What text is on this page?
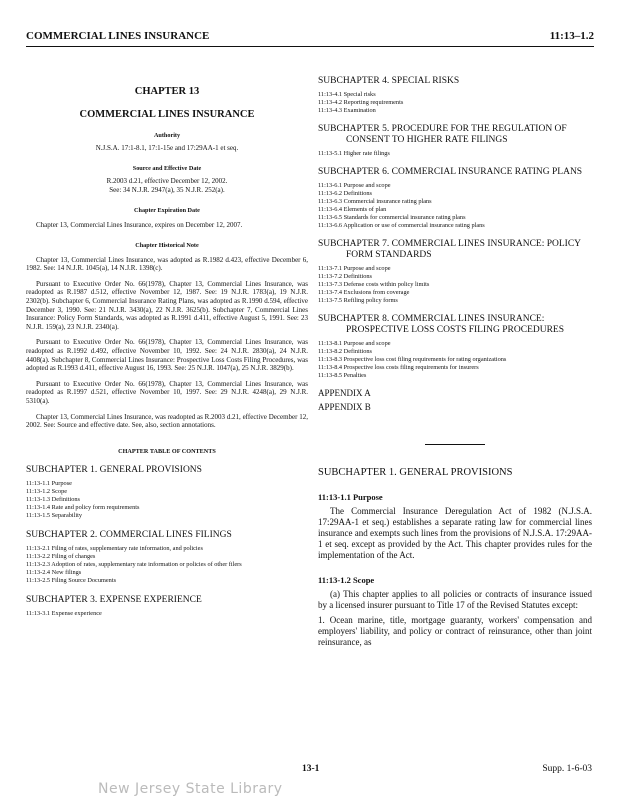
COMMERCIAL LINES INSURANCE	11:13–1.2
CHAPTER 13
COMMERCIAL LINES INSURANCE
Authority
N.J.S.A. 17:1-8.1, 17:1-15e and 17:29AA-1 et seq.
Source and Effective Date
R.2003 d.21, effective December 12, 2002.
See: 34 N.J.R. 2947(a), 35 N.J.R. 252(a).
Chapter Expiration Date
Chapter 13, Commercial Lines Insurance, expires on December 12, 2007.
Chapter Historical Note
Chapter 13, Commercial Lines Insurance, was adopted as R.1982 d.423, effective December 6, 1982. See: 14 N.J.R. 1045(a), 14 N.J.R. 1398(c).
Pursuant to Executive Order No. 66(1978), Chapter 13, Commercial Lines Insurance, was readopted as R.1987 d.512, effective November 12, 1987. See: 19 N.J.R. 1783(a), 19 N.J.R. 2302(b). Subchapter 6, Commercial Insurance Rating Plans, was adopted as R.1990 d.594, effective December 3, 1990. See: 21 N.J.R. 3430(a), 22 N.J.R. 3625(b). Subchapter 7, Commercial Lines Insurance: Policy Form Standards, was adopted as R.1991 d.411, effective August 5, 1991. See: 23 N.J.R. 159(a), 23 N.J.R. 2340(a).
Pursuant to Executive Order No. 66(1978), Chapter 13, Commercial Lines Insurance, was readopted as R.1992 d.492, effective November 10, 1992. See: 24 N.J.R. 2830(a), 24 N.J.R. 4408(a). Subchapter 8, Commercial Lines Insurance: Prospective Loss Costs Filing Procedures, was adopted as R.1993 d.411, effective August 16, 1993. See: 25 N.J.R. 1047(a), 25 N.J.R. 3829(b).
Pursuant to Executive Order No. 66(1978), Chapter 13, Commercial Lines Insurance, was readopted as R.1997 d.521, effective November 10, 1997. See: 29 N.J.R. 4248(a), 29 N.J.R. 5310(a).
Chapter 13, Commercial Lines Insurance, was readopted as R.2003 d.21, effective December 12, 2002. See: Source and effective date. See, also, section annotations.
CHAPTER TABLE OF CONTENTS
SUBCHAPTER 1. GENERAL PROVISIONS
11:13-1.1 Purpose
11:13-1.2 Scope
11:13-1.3 Definitions
11:13-1.4 Rate and policy form requirements
11:13-1.5 Separability
SUBCHAPTER 2. COMMERCIAL LINES FILINGS
11:13-2.1 Filing of rates, supplementary rate information, and policies
11:13-2.2 Filing of changes
11:13-2.3 Adoption of rates, supplementary rate information or policies of other filers
11:13-2.4 New filings
11:13-2.5 Filing Source Documents
SUBCHAPTER 3. EXPENSE EXPERIENCE
11:13-3.1 Expense experience
SUBCHAPTER 4. SPECIAL RISKS
11:13-4.1 Special risks
11:13-4.2 Reporting requirements
11:13-4.3 Examination
SUBCHAPTER 5. PROCEDURE FOR THE REGULATION OF CONSENT TO HIGHER RATE FILINGS
11:13-5.1 Higher rate filings
SUBCHAPTER 6. COMMERCIAL INSURANCE RATING PLANS
11:13-6.1 Purpose and scope
11:13-6.2 Definitions
11:13-6.3 Commercial insurance rating plans
11:13-6.4 Elements of plan
11:13-6.5 Standards for commercial insurance rating plans
11:13-6.6 Application or use of commercial insurance rating plans
SUBCHAPTER 7. COMMERCIAL LINES INSURANCE: POLICY FORM STANDARDS
11:13-7.1 Purpose and scope
11:13-7.2 Definitions
11:13-7.3 Defense costs within policy limits
11:13-7.4 Exclusions from coverage
11:13-7.5 Refiling policy forms
SUBCHAPTER 8. COMMERCIAL LINES INSURANCE: PROSPECTIVE LOSS COSTS FILING PROCEDURES
11:13-8.1 Purpose and scope
11:13-8.2 Definitions
11:13-8.3 Prospective loss cost filing requirements for rating organizations
11:13-8.4 Prospective loss costs filing requirements for insurers
11:13-8.5 Penalties
APPENDIX A
APPENDIX B
SUBCHAPTER 1. GENERAL PROVISIONS
11:13-1.1 Purpose
The Commercial Insurance Deregulation Act of 1982 (N.J.S.A. 17:29AA-1 et seq.) establishes a separate rating law for commercial lines insurance and exempts such lines from the provisions of N.J.S.A. 17:29AA-1 et seq. except as provided by the Act. This chapter provides rules for the implementation of the Act.
11:13-1.2 Scope
(a) This chapter applies to all policies or contracts of insurance issued by a licensed insurer pursuant to Title 17 of the Revised Statutes except:
1. Ocean marine, title, mortgage guaranty, workers' compensation and employers' liability, and policy or contract of reinsurance, other than joint reinsurance, as
13-1	Supp. 1-6-03
New Jersey State Library
